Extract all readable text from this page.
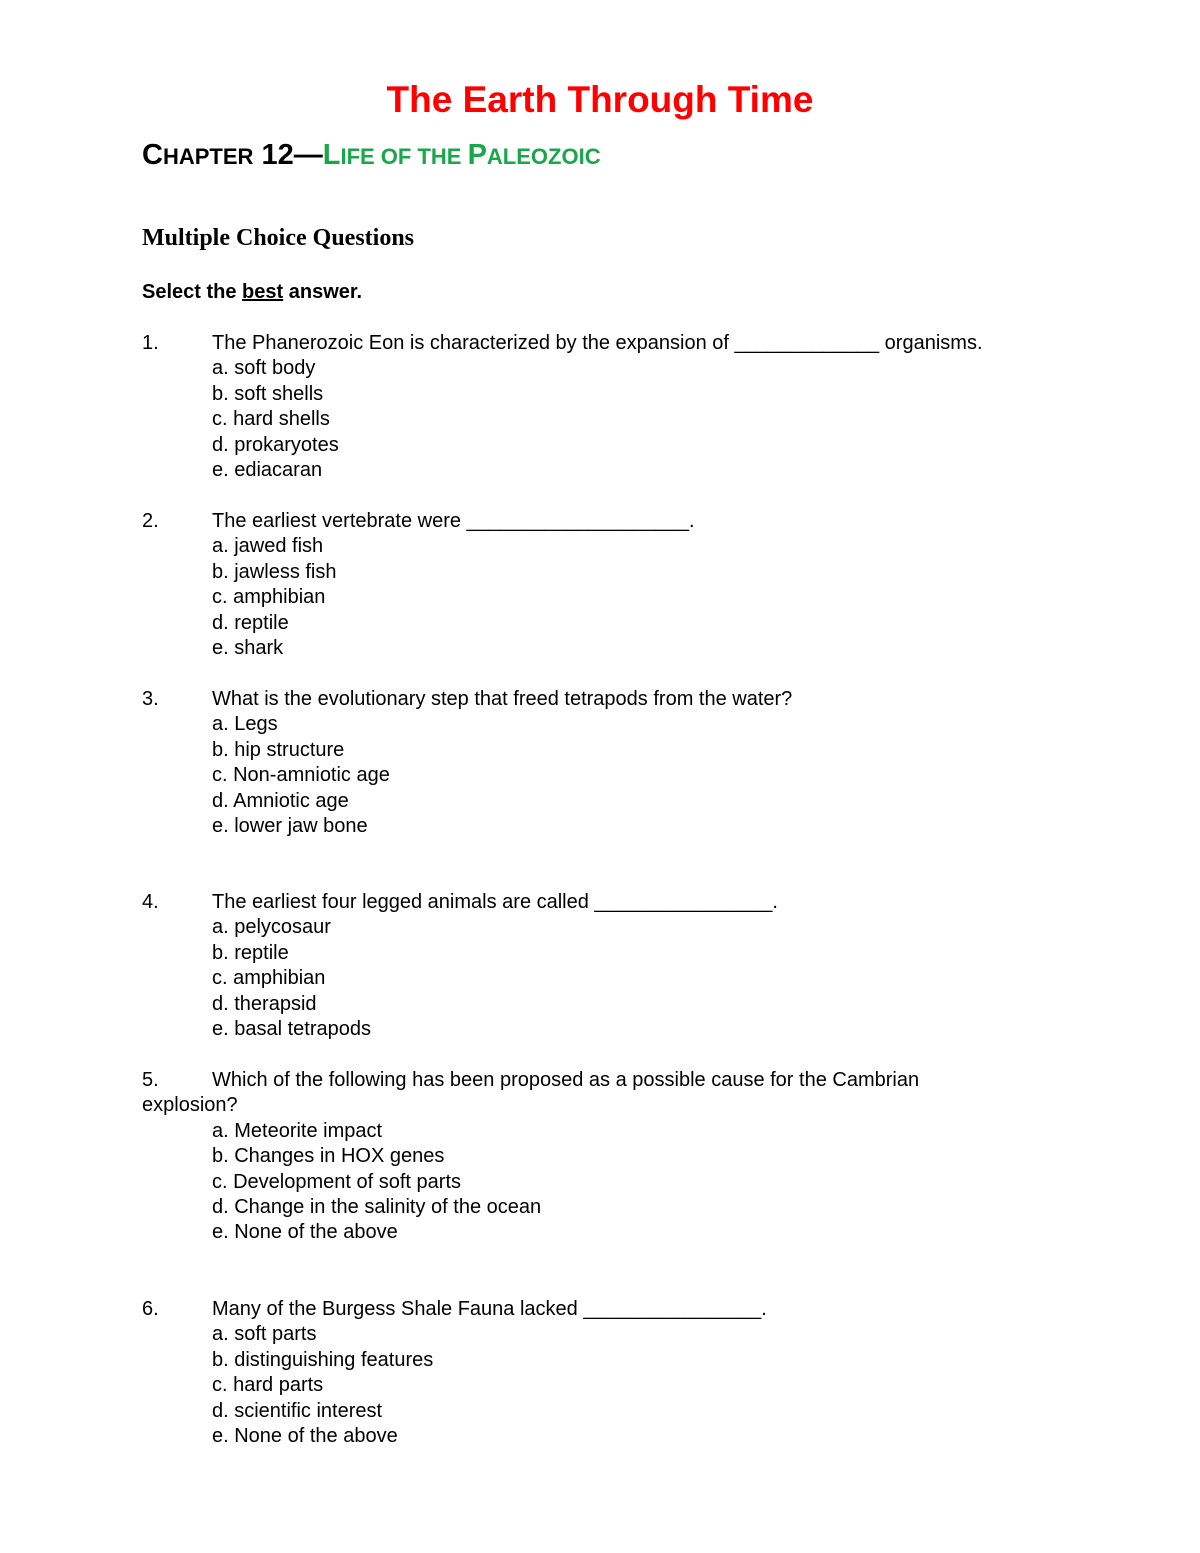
The Earth Through Time
CHAPTER 12—LIFE OF THE PALEOZOIC
Multiple Choice Questions

Select the best answer.

1.	The Phanerozoic Eon is characterized by the expansion of _____________ organisms.
a. soft body
b. soft shells
c. hard shells
d. prokaryotes
e. ediacaran
2.	The earliest vertebrate were ____________________.
a. jawed fish
b. jawless fish
c. amphibian
d. reptile
e. shark
3.	What is the evolutionary step that freed tetrapods from the water?
a. Legs
b. hip structure
c. Non-amniotic age
d. Amniotic age
e. lower jaw bone
4.	The earliest four legged animals are called ________________.
a. pelycosaur
b. reptile
c. amphibian
d. therapsid
e. basal tetrapods
5.	Which of the following has been proposed as a possible cause for the Cambrian
explosion?
a. Meteorite impact
b. Changes in HOX genes
c. Development of soft parts
d. Change in the salinity of the ocean
e. None of the above
6.	Many of the Burgess Shale Fauna lacked ________________.
a. soft parts
b. distinguishing features
c. hard parts
d. scientific interest
e. None of the above
